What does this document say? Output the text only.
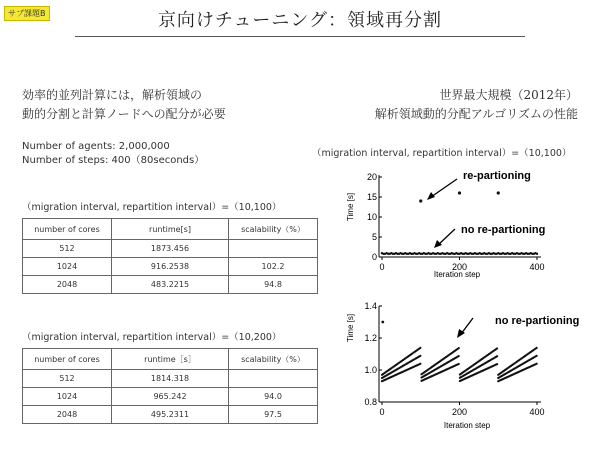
サブ課題B	京向けチューニング：領域再分割
効率的並列計算には，解析領域の
動的分割と計算ノードへの配分が必要
世界最大規模（2012年）
解析領域動的分配アルゴリズムの性能
Number of agents: 2,000,000
Number of steps: 400（80seconds）
（migration interval, repartition interval）=（10,100）
number of cores	runtime[s]	scalability（%）
512	1873.456	
1024	916.2538	102.2
2048	483.2215	94.8
（migration interval, repartition interval）=（10,200）
number of cores	runtime［s］	scalability（%）
512	1814.318	
1024	965.242	94.0
2048	495.2311	97.5
（migration interval, repartition interval）=（10,100）
0	200	400
0
5
10
15
20
Time [s]
Iteration step
re-partioning
no re-partioning
0	200	400
0.8
1.0
1.2
1.4
Time [s]
Iteration step
no re-partioning
